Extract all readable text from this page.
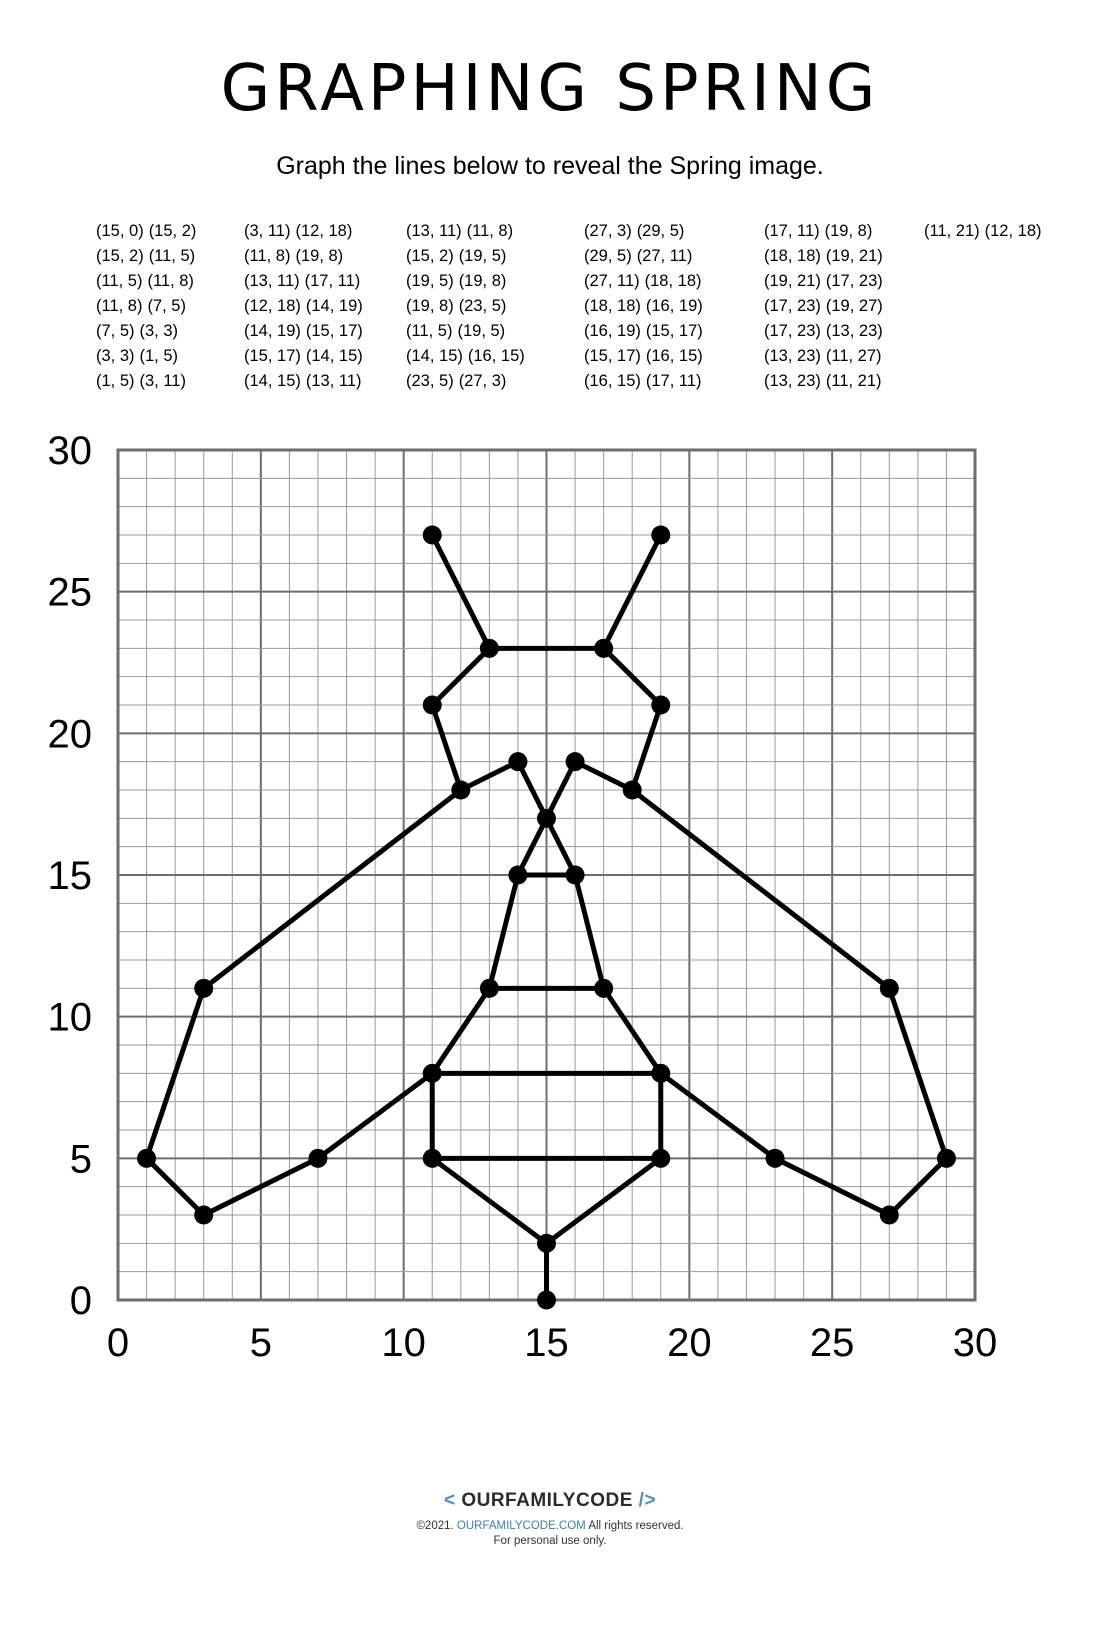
GRAPHING SPRING

Graph the lines below to reveal the Spring image.

(15, 0) (15, 2)
(15, 2) (11, 5)
(11, 5) (11, 8)
(11, 8) (7, 5)
(7, 5) (3, 3)
(3, 3) (1, 5)
(1, 5) (3, 11)
(3, 11) (12, 18)
(11, 8) (19, 8)
(13, 11) (17, 11)
(12, 18) (14, 19)
(14, 19) (15, 17)
(15, 17) (14, 15)
(14, 15) (13, 11)
(13, 11) (11, 8)
(15, 2) (19, 5)
(19, 5) (19, 8)
(19, 8) (23, 5)
(11, 5) (19, 5)
(14, 15) (16, 15)
(23, 5) (27, 3)
(27, 3) (29, 5)
(29, 5) (27, 11)
(27, 11) (18, 18)
(18, 18) (16, 19)
(16, 19) (15, 17)
(15, 17) (16, 15)
(16, 15) (17, 11)
(17, 11) (19, 8)
(18, 18) (19, 21)
(19, 21) (17, 23)
(17, 23) (19, 27)
(17, 23) (13, 23)
(13, 23) (11, 27)
(13, 23) (11, 21)
(11, 21) (12, 18)
0	5	10 15 20 25 30
0
5
10
15
20
25
30
< OURFAMILYCODE />
©2021. OURFAMILYCODE.COM All rights reserved.
For personal use only.
